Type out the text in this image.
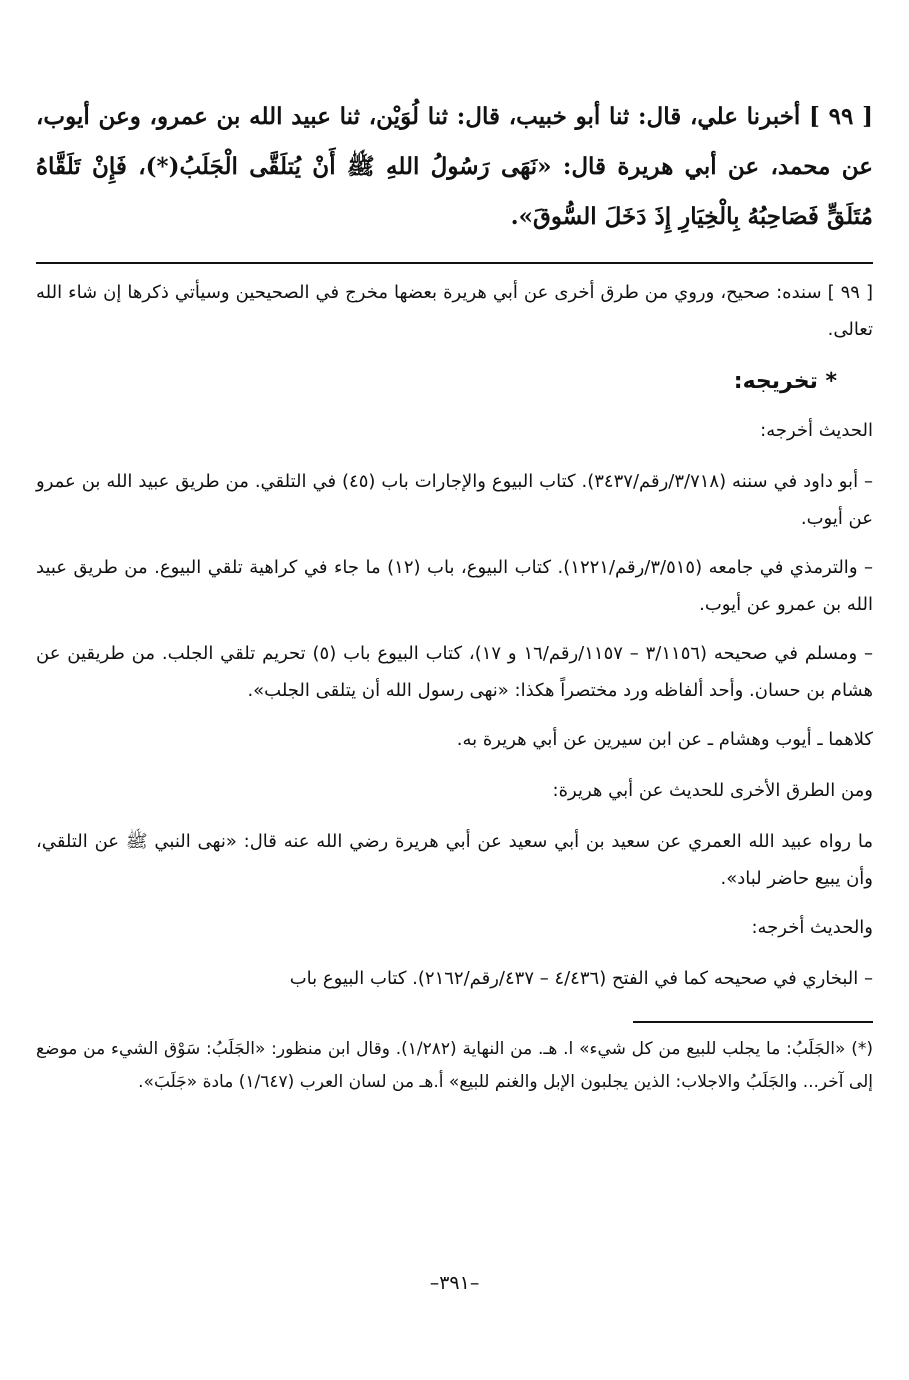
[ ٩٩ ] أخبرنا علي، قال: ثنا أبو خبيب، قال: ثنا لُوَيْن، ثنا عبيد الله بن عمرو، وعن أيوب، عن محمد، عن أبي هريرة قال: «نَهَى رَسُولُ اللهِ ﷺ أَنْ يُتلَقَّى الْجَلَبُ(*)، فَإِنْ تَلَقَّاهُ مُتَلَقٍّ فَصَاحِبُهُ بِالْخِيَارِ إِذَ دَخَلَ السُّوقَ».

[ ٩٩ ] سنده: صحيح، وروي من طرق أخرى عن أبي هريرة بعضها مخرج في الصحيحين وسيأتي ذكرها إن شاء الله تعالى.

* تخريجه:

الحديث أخرجه:

– أبو داود في سننه (٣/٧١٨/رقم/٣٤٣٧). كتاب البيوع والإجارات باب (٤٥) في التلقي. من طريق عبيد الله بن عمرو عن أيوب.

– والترمذي في جامعه (٣/٥١٥/رقم/١٢٢١). كتاب البيوع، باب (١٢) ما جاء في كراهية تلقي البيوع. من طريق عبيد الله بن عمرو عن أيوب.

– ومسلم في صحيحه (٣/١١٥٦ – ١١٥٧/رقم/١٦ و ١٧)، كتاب البيوع باب (٥) تحريم تلقي الجلب. من طريقين عن هشام بن حسان. وأحد ألفاظه ورد مختصراً هكذا: «نهى رسول الله أن يتلقى الجلب».

كلاهما ـ أيوب وهشام ـ عن ابن سيرين عن أبي هريرة به.

ومن الطرق الأخرى للحديث عن أبي هريرة:

ما رواه عبيد الله العمري عن سعيد بن أبي سعيد عن أبي هريرة رضي الله عنه قال: «نهى النبي ﷺ عن التلقي، وأن يبيع حاضر لباد».

والحديث أخرجه:

– البخاري في صحيحه كما في الفتح (٤/٤٣٦ – ٤٣٧/رقم/٢١٦٢). كتاب البيوع باب

(*) «الجَلَبُ: ما يجلب للبيع من كل شيء» ا. هـ. من النهاية (١/٢٨٢). وقال ابن منظور: «الجَلَبُ: سَوْق الشيء من موضع إلى آخر... والجَلَبُ والاجلاب: الذين يجلبون الإبل والغنم للبيع» أ.هـ من لسان العرب (١/٦٤٧) مادة «جَلَبَ».

–٣٩١–
